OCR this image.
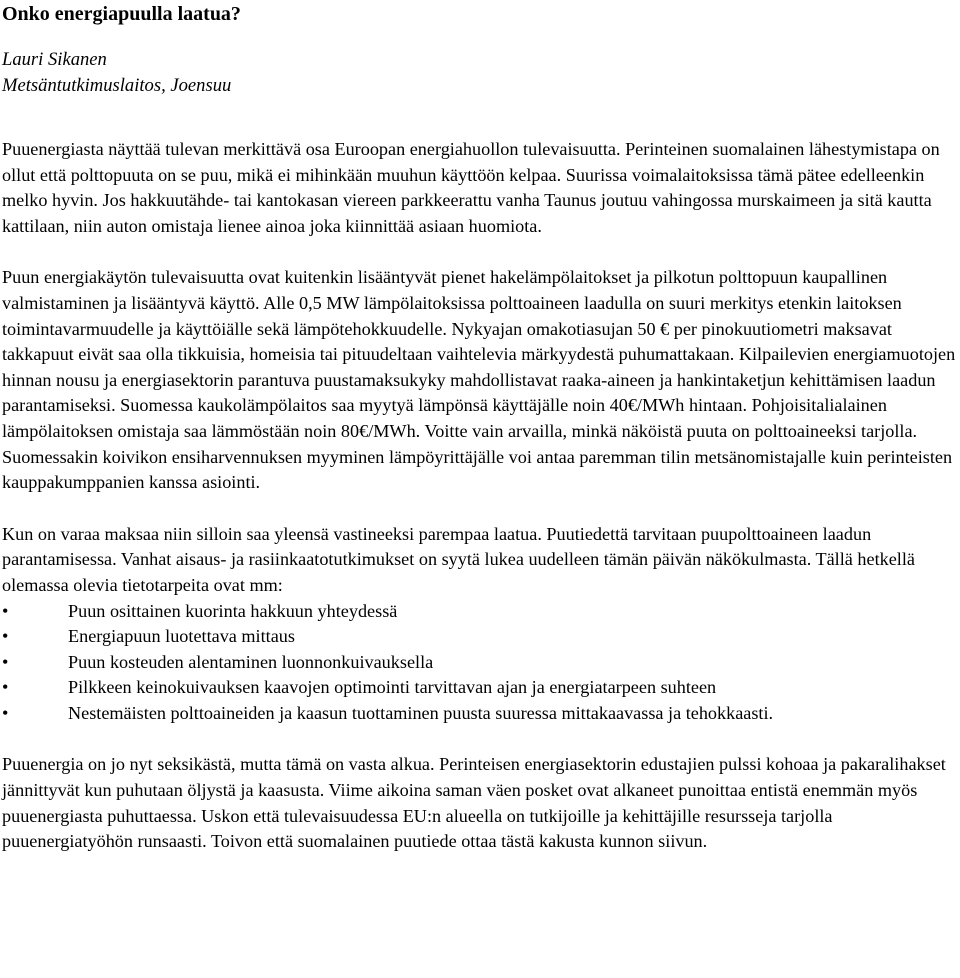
Onko energiapuulla laatua?
Lauri Sikanen
Metsäntutkimuslaitos, Joensuu

Puuenergiasta näyttää tulevan merkittävä osa Euroopan energiahuollon tulevaisuutta. Perinteinen suomalainen lähestymistapa on ollut että polttopuuta on se puu, mikä ei mihinkään muuhun käyttöön kelpaa. Suurissa voimalaitoksissa tämä pätee edelleenkin melko hyvin. Jos hakkuutähde- tai kantokasan viereen parkkeerattu vanha Taunus joutuu vahingossa murskaimeen ja sitä kautta kattilaan, niin auton omistaja lienee ainoa joka kiinnittää asiaan huomiota.

Puun energiakäytön tulevaisuutta ovat kuitenkin lisääntyvät pienet hakelämpölaitokset ja pilkotun polttopuun kaupallinen valmistaminen ja lisääntyvä käyttö. Alle 0,5 MW lämpölaitoksissa polttoaineen laadulla on suuri merkitys etenkin laitoksen toimintavarmuudelle ja käyttöiälle sekä lämpötehokkuudelle. Nykyajan omakotiasujan 50 € per pinokuutiometri maksavat takkapuut eivät saa olla tikkuisia, homeisia tai pituudeltaan vaihtelevia märkyydestä puhumattakaan. Kilpailevien energiamuotojen hinnan nousu ja energiasektorin parantuva puustamaksukyky mahdollistavat raaka-aineen ja hankintaketjun kehittämisen laadun parantamiseksi. Suomessa kaukolämpölaitos saa myytyä lämpönsä käyttäjälle noin 40€/MWh hintaan. Pohjoisitalialainen lämpölaitoksen omistaja saa lämmöstään noin 80€/MWh. Voitte vain arvailla, minkä näköistä puuta on polttoaineeksi tarjolla. Suomessakin koivikon ensiharvennuksen myyminen lämpöyrittäjälle voi antaa paremman tilin metsänomistajalle kuin perinteisten kauppakumppanien kanssa asiointi.

Kun on varaa maksaa niin silloin saa yleensä vastineeksi parempaa laatua. Puutiedettä tarvitaan puupolttoaineen laadun parantamisessa. Vanhat aisaus- ja rasiinkaatotutkimukset on syytä lukea uudelleen tämän päivän näkökulmasta. Tällä hetkellä olemassa olevia tietotarpeita ovat mm:

•	Puun osittainen kuorinta hakkuun yhteydessä
•	Energiapuun luotettava mittaus
•	Puun kosteuden alentaminen luonnonkuivauksella
•	Pilkkeen keinokuivauksen kaavojen optimointi tarvittavan ajan ja energiatarpeen suhteen
•	Nestemäisten polttoaineiden ja kaasun tuottaminen puusta suuressa mittakaavassa ja tehokkaasti.

Puuenergia on jo nyt seksikästä, mutta tämä on vasta alkua. Perinteisen energiasektorin edustajien pulssi kohoaa ja pakaralihakset jännittyvät kun puhutaan öljystä ja kaasusta. Viime aikoina saman väen posket ovat alkaneet punoittaa entistä enemmän myös puuenergiasta puhuttaessa. Uskon että tulevaisuudessa EU:n alueella on tutkijoille ja kehittäjille resursseja tarjolla puuenergiatyöhön runsaasti. Toivon että suomalainen puutiede ottaa tästä kakusta kunnon siivun.
